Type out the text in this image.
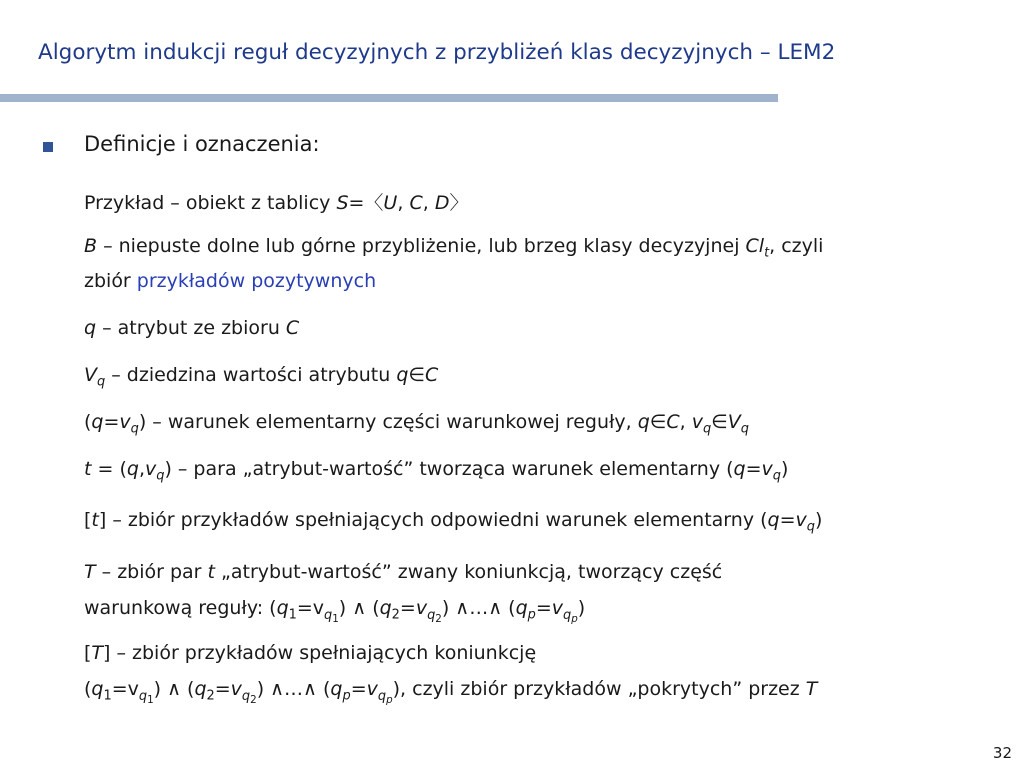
Algorytm indukcji reguł decyzyjnych z przybliżeń klas decyzyjnych – LEM2
Definicje i oznaczenia:
Przykład – obiekt z tablicy S=〈U, C, D〉
B – niepuste dolne lub górne przybliżenie, lub brzeg klasy decyzyjnej $Cl_t$, czyli
zbiór przykładów pozytywnych
q – atrybut ze zbioru C
$V_q$ – dziedzina wartości atrybutu q∈C
$(q=v_q)$ – warunek elementarny części warunkowej reguły, q∈C, $v_q\in V_q$
$t = (q,v_q)$ – para „atrybut-wartość” tworząca warunek elementarny $(q=v_q)$
[t] – zbiór przykładów spełniających odpowiedni warunek elementarny $(q=v_q)$
T – zbiór par t „atrybut-wartość” zwany koniunkcją, tworzący część
warunkową reguły: $(q_1=v_{q_1})$ ∧ $(q_2=v_{q_2})$ ∧…∧ $(q_p=v_{q_p})$
[T] – zbiór przykładów spełniających koniunkcję
$(q_1=v_{q_1})$ ∧ $(q_2=v_{q_2})$ ∧…∧ $(q_p=v_{q_p})$, czyli zbiór przykładów „pokrytych” przez T
32
